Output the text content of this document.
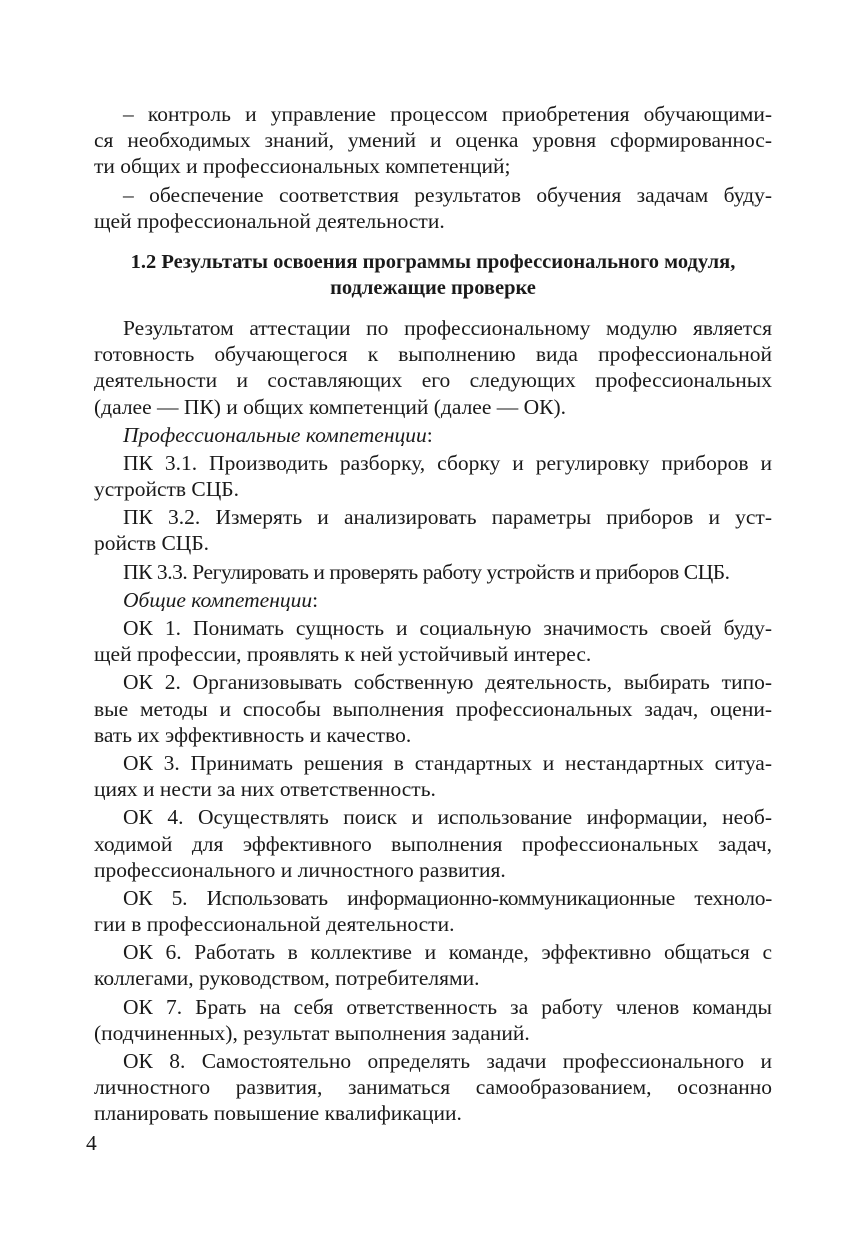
– контроль и управление процессом приобретения обучающими-
ся необходимых знаний, умений и оценка уровня сформированнос-
ти общих и профессиональных компетенций;
– обеспечение соответствия результатов обучения задачам буду-
щей профессиональной деятельности.
1.2 Результаты освоения программы профессионального модуля,
подлежащие проверке
Результатом аттестации по профессиональному модулю является
готовность обучающегося к выполнению вида профессиональной
деятельности и составляющих его следующих профессиональных
(далее — ПК) и общих компетенций (далее — ОК).
Профессиональные компетенции:
ПК 3.1. Производить разборку, сборку и регулировку приборов и
устройств СЦБ.
ПК 3.2. Измерять и анализировать параметры приборов и уст-
ройств СЦБ.
ПК 3.3. Регулировать и проверять работу устройств и приборов СЦБ.
Общие компетенции:
ОК 1. Понимать сущность и социальную значимость своей буду-
щей профессии, проявлять к ней устойчивый интерес.
ОК 2. Организовывать собственную деятельность, выбирать типо-
вые методы и способы выполнения профессиональных задач, оцени-
вать их эффективность и качество.
ОК 3. Принимать решения в стандартных и нестандартных ситуа-
циях и нести за них ответственность.
ОК 4. Осуществлять поиск и использование информации, необ-
ходимой для эффективного выполнения профессиональных задач,
профессионального и личностного развития.
ОК 5. Использовать информационно-коммуникационные техноло-
гии в профессиональной деятельности.
ОК 6. Работать в коллективе и команде, эффективно общаться с
коллегами, руководством, потребителями.
ОК 7. Брать на себя ответственность за работу членов команды
(подчиненных), результат выполнения заданий.
ОК 8. Самостоятельно определять задачи профессионального и
личностного развития, заниматься самообразованием, осознанно
планировать повышение квалификации.
4
